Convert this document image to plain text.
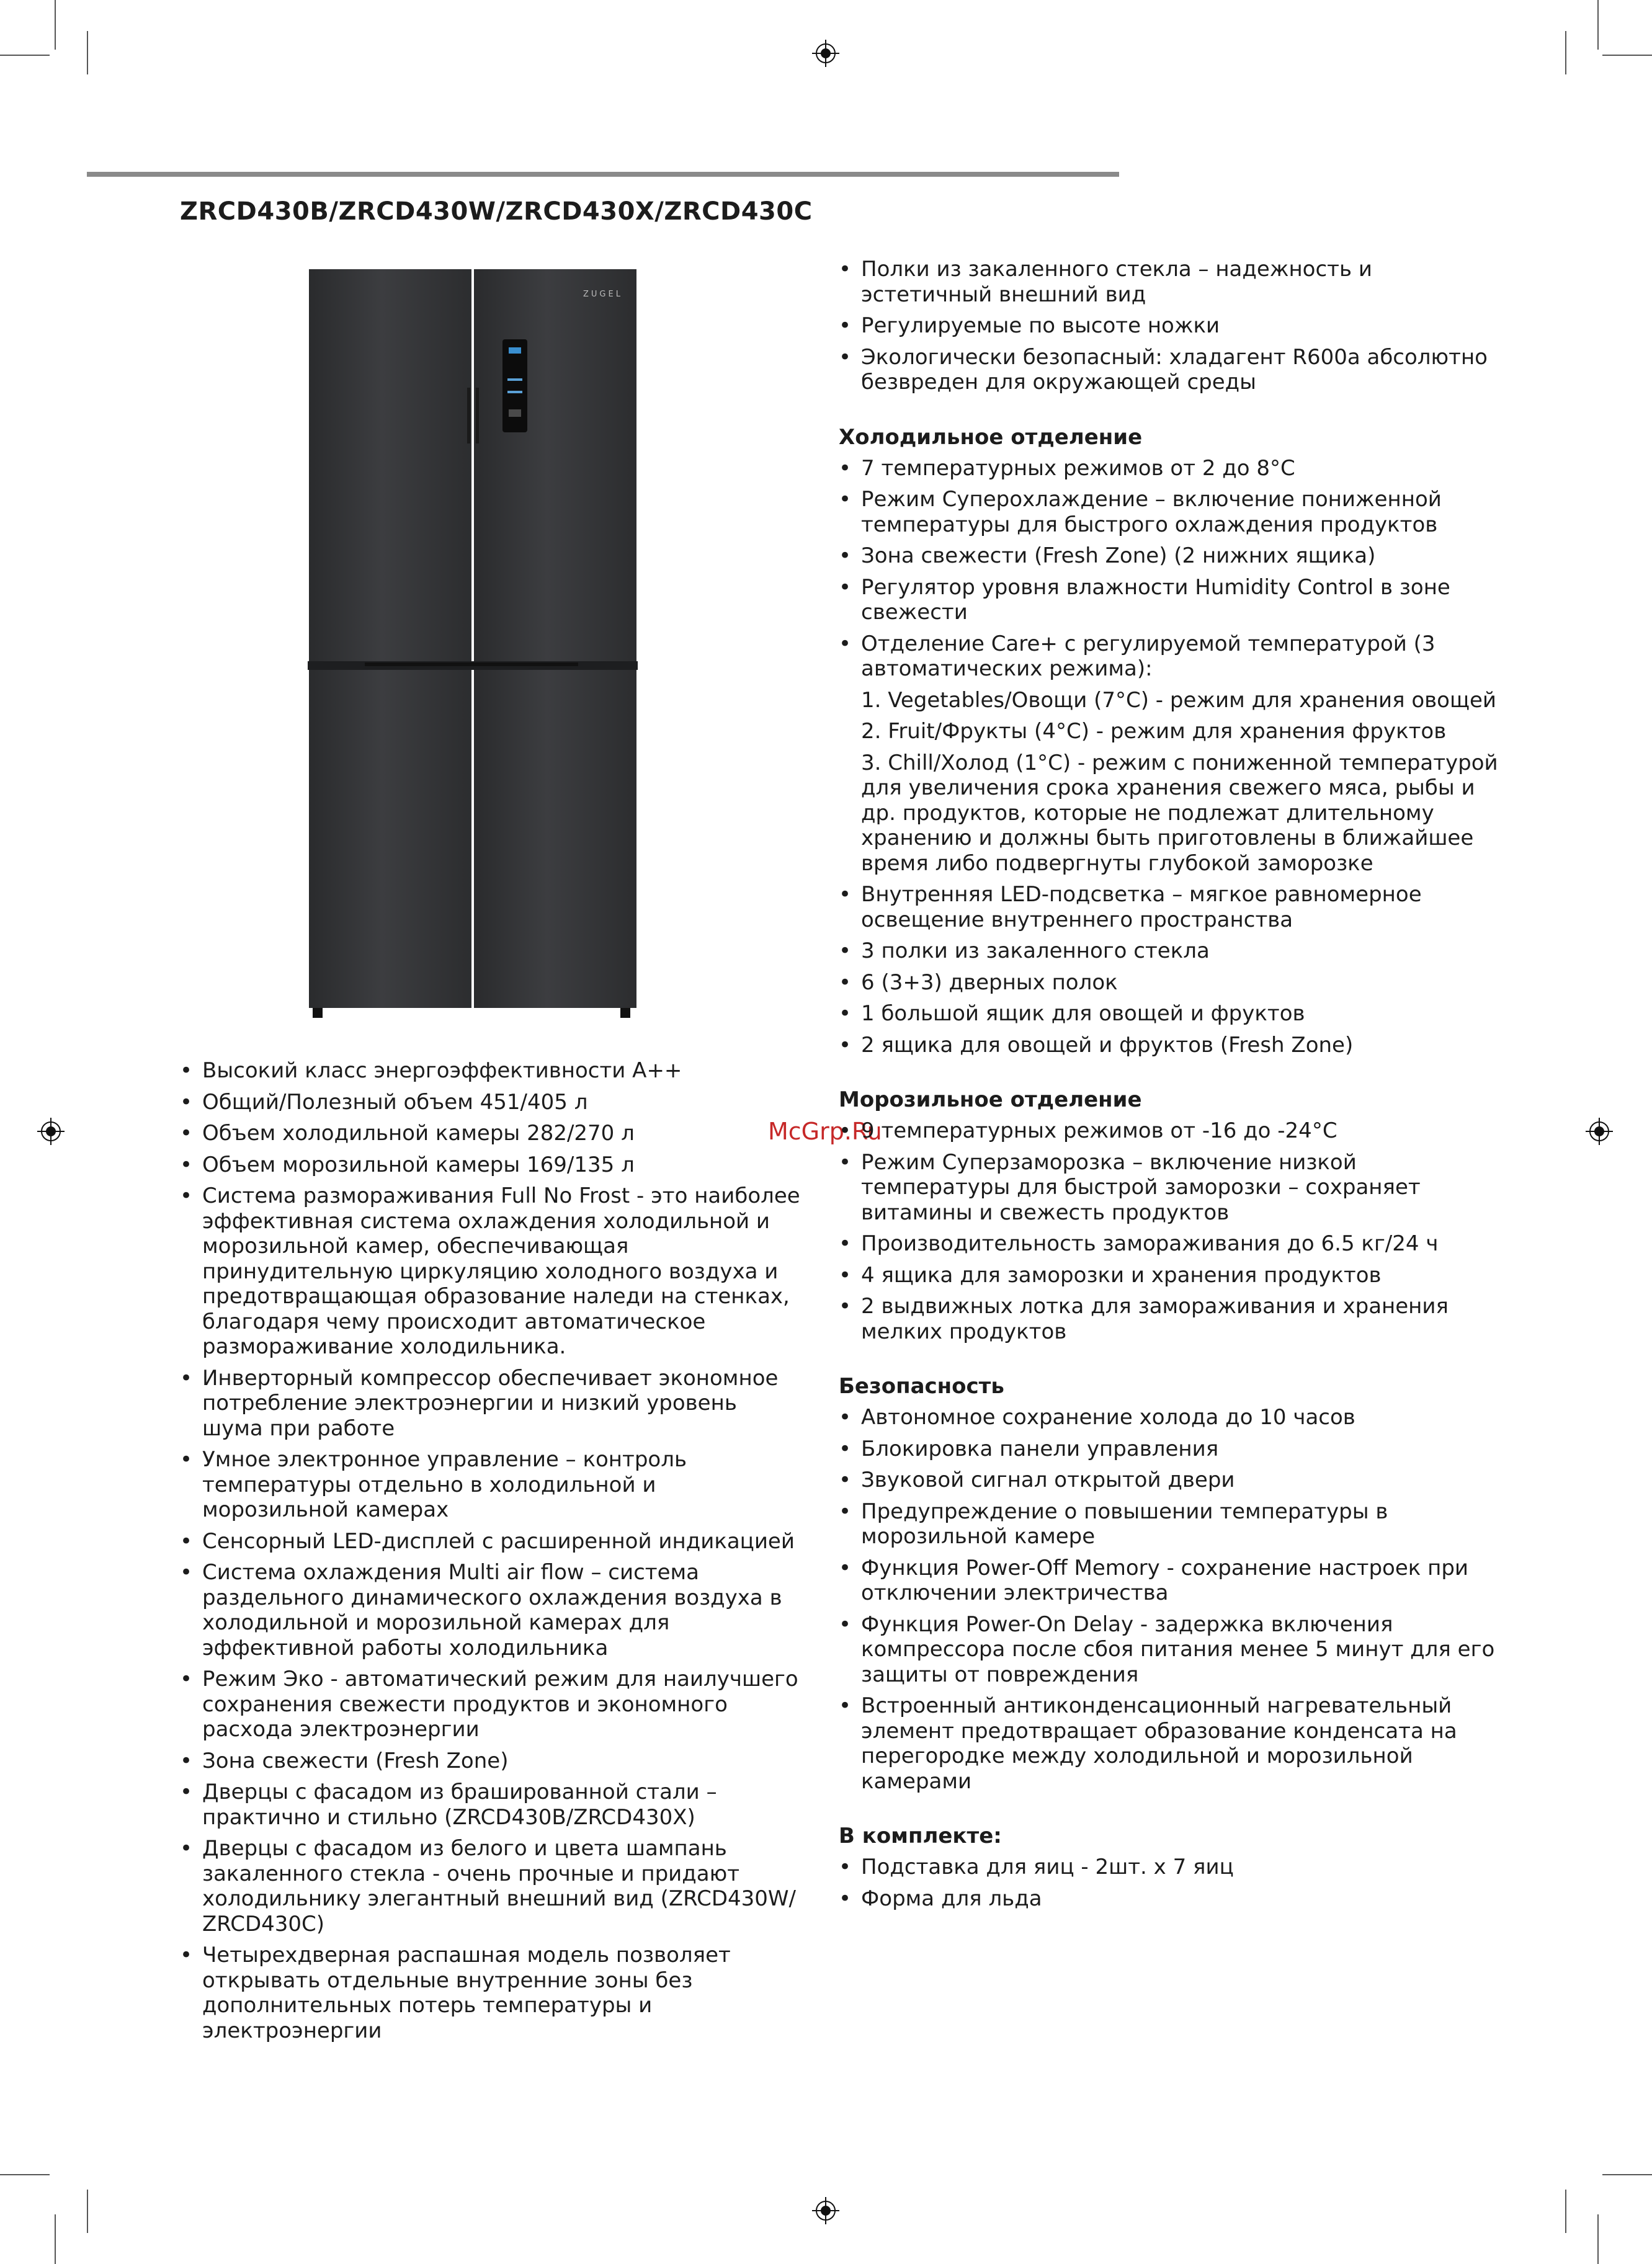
ZRCD430B/ZRCD430W/ZRCD430X/ZRCD430C
ZUGEL
McGrp.Ru
• Высокий класс энергоэффективности А++
• Общий/Полезный объем 451/405 л
• Объем холодильной камеры 282/270 л
• Объем морозильной камеры 169/135 л
• Система размораживания Full No Frost - это наиболее эффективная система охлаждения холодильной и морозильной камер, обеспечивающая принудительную циркуляцию холодного воздуха и предотвращающая образование наледи на стенках, благодаря чему происходит автоматическое размораживание холодильника.
• Инверторный компрессор обеспечивает экономное потребление электроэнергии и низкий уровень шума при работе
• Умное электронное управление – контроль температуры отдельно в холодильной и морозильной камерах
• Сенсорный LED-дисплей с расширенной индикацией
• Система охлаждения Multi air flow – система раздельного динамического охлаждения воздуха в холодильной и морозильной камерах для эффективной работы холодильника
• Режим Эко - автоматический режим для наилучшего сохранения свежести продуктов и экономного расхода электроэнергии
• Зона свежести (Fresh Zone)
• Дверцы с фасадом из брашированной стали – практично и стильно (ZRCD430B/ZRCD430X)
• Дверцы с фасадом из белого и цвета шампань закаленного стекла - очень прочные и придают холодильнику элегантный внешний вид (ZRCD430W/ ZRCD430C)
• Четырехдверная распашная модель позволяет открывать отдельные внутренние зоны без дополнительных потерь температуры и электроэнергии
• Полки из закаленного стекла – надежность и эстетичный внешний вид
• Регулируемые по высоте ножки
• Экологически безопасный: хладагент R600a абсолютно безвреден для окружающей среды
Холодильное отделение
• 7 температурных режимов от 2 до 8°С
• Режим Суперохлаждение – включение пониженной температуры для быстрого охлаждения продуктов
• Зона свежести (Fresh Zone) (2 нижних ящика)
• Регулятор уровня влажности Humidity Control в зоне свежести
• Отделение Care+ с регулируемой температурой (3 автоматических режима):
1. Vegetables/Овощи (7°С) - режим для хранения овощей
2. Fruit/Фрукты (4°С) - режим для хранения фруктов
3. Chill/Холод (1°С) - режим с пониженной температурой для увеличения срока хранения свежего мяса, рыбы и др. продуктов, которые не подлежат длительному хранению и должны быть приготовлены в ближайшее время либо подвергнуты глубокой заморозке
• Внутренняя LED-подсветка – мягкое равномерное освещение внутреннего пространства
• 3 полки из закаленного стекла
• 6 (3+3) дверных полок
• 1 большой ящик для овощей и фруктов
• 2 ящика для овощей и фруктов (Fresh Zone)
Морозильное отделение
• 9 температурных режимов от -16 до -24°С
• Режим Суперзаморозка – включение низкой температуры для быстрой заморозки – сохраняет витамины и свежесть продуктов
• Производительность замораживания до 6.5 кг/24 ч
• 4 ящика для заморозки и хранения продуктов
• 2 выдвижных лотка для замораживания и хранения мелких продуктов
Безопасность
• Автономное сохранение холода до 10 часов
• Блокировка панели управления
• Звуковой сигнал открытой двери
• Предупреждение о повышении температуры в морозильной камере
• Функция Power-Off Memory - сохранение настроек при отключении электричества
• Функция Power-On Delay - задержка включения компрессора после сбоя питания менее 5 минут для его защиты от повреждения
• Встроенный антиконденсационный нагревательный элемент предотвращает образование конденсата на перегородке между холодильной и морозильной камерами
В комплекте:
• Подставка для яиц - 2шт. х 7 яиц
• Форма для льда
